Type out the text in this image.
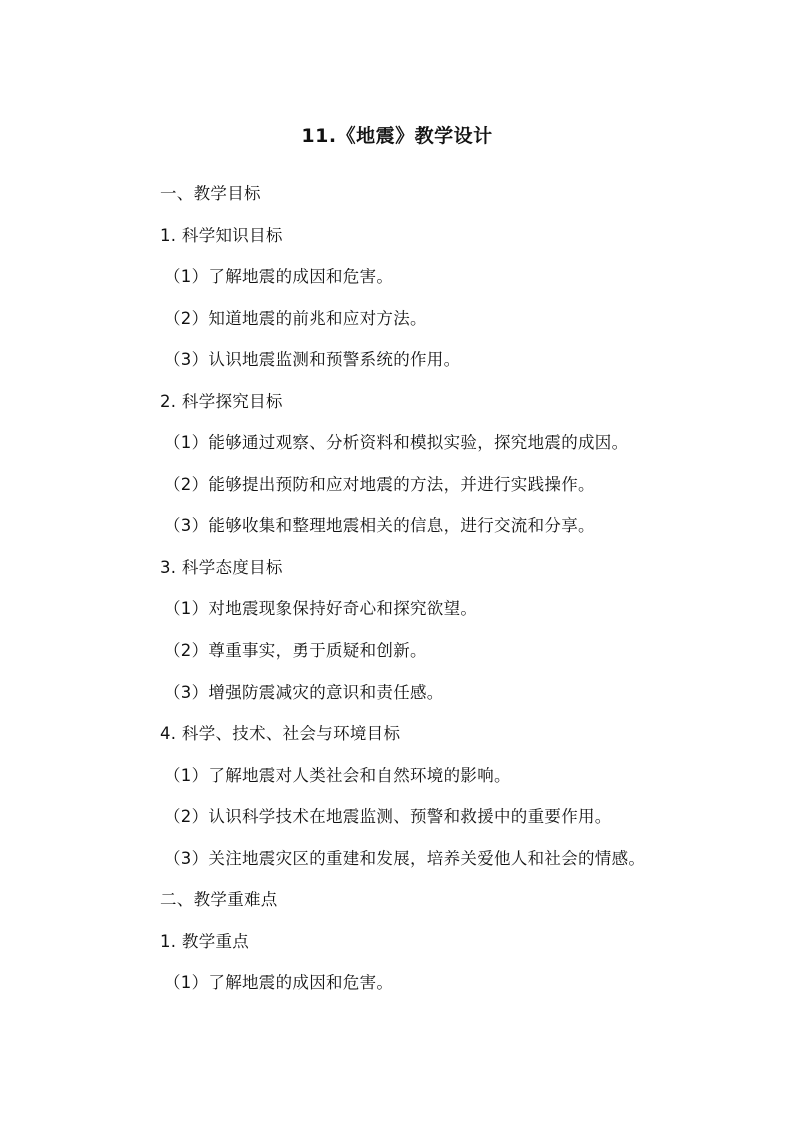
11.《地震》教学设计
一、教学目标
1. 科学知识目标
（1）了解地震的成因和危害。
（2）知道地震的前兆和应对方法。
（3）认识地震监测和预警系统的作用。
2. 科学探究目标
（1）能够通过观察、分析资料和模拟实验，探究地震的成因。
（2）能够提出预防和应对地震的方法，并进行实践操作。
（3）能够收集和整理地震相关的信息，进行交流和分享。
3. 科学态度目标
（1）对地震现象保持好奇心和探究欲望。
（2）尊重事实，勇于质疑和创新。
（3）增强防震减灾的意识和责任感。
4. 科学、技术、社会与环境目标
（1）了解地震对人类社会和自然环境的影响。
（2）认识科学技术在地震监测、预警和救援中的重要作用。
（3）关注地震灾区的重建和发展，培养关爱他人和社会的情感。
二、教学重难点
1. 教学重点
（1）了解地震的成因和危害。
